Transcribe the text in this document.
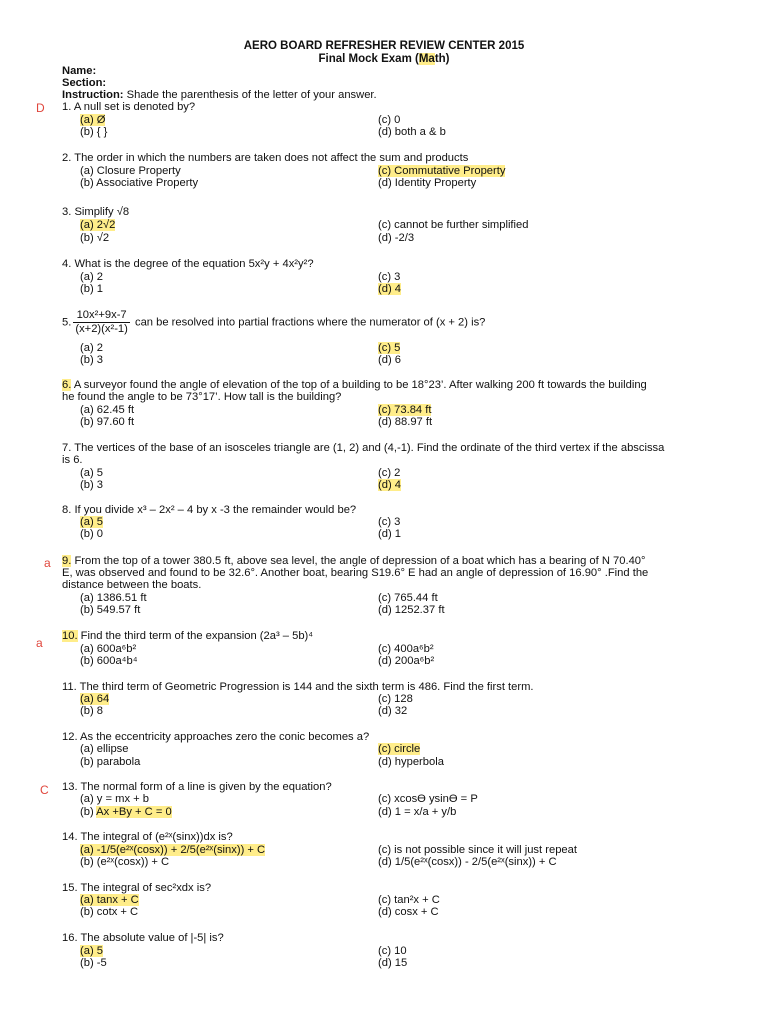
AERO BOARD REFRESHER REVIEW CENTER 2015
Final Mock Exam (Math)
Name:
Section:
Instruction: Shade the parenthesis of the letter of your answer.
D
a
a
C
1. A null set is denoted by?
(a) Ø
(b) { }
(c) 0
(d) both a & b
2. The order in which the numbers are taken does not affect the sum and products
(a) Closure Property
(b) Associative Property
(c) Commutative Property
(d) Identity Property
3. Simplify √8
(a) 2√2
(b) √2
(c) cannot be further simplified
(d) -2/3
4. What is the degree of the equation 5x²y + 4x²y²?
(a) 2
(b) 1
(c) 3
(d) 4
5. $\frac{\text{10x²+9x-7}}{\text{(x+2)(x²-1)}}$ can be resolved into partial fractions where the numerator of (x + 2) is?
(a) 2
(b) 3
(c) 5
(d) 6
6. A surveyor found the angle of elevation of the top of a building to be 18°23’. After walking 200 ft towards the building
he found the angle to be 73°17’. How tall is the building?
(a) 62.45 ft
(b) 97.60 ft
(c) 73.84 ft
(d) 88.97 ft
7. The vertices of the base of an isosceles triangle are (1, 2) and (4,-1). Find the ordinate of the third vertex if the abscissa
is 6.
(a) 5
(b) 3
(c) 2
(d) 4
8. If you divide x³ – 2x² – 4 by x -3 the remainder would be?
(a) 5
(b) 0
(c) 3
(d) 1
9. From the top of a tower 380.5 ft, above sea level, the angle of depression of a boat which has a bearing of N 70.40°
E, was observed and found to be 32.6°. Another boat, bearing S19.6° E had an angle of depression of 16.90° .Find the
distance between the boats.
(a) 1386.51 ft
(b) 549.57 ft
(c) 765.44 ft
(d) 1252.37 ft
10. Find the third term of the expansion (2a³ – 5b)⁴
(a) 600a⁶b²
(b) 600a⁴b⁴
(c) 400a⁶b²
(d) 200a⁶b²
11. The third term of Geometric Progression is 144 and the sixth term is 486. Find the first term.
(a) 64
(b) 8
(c) 128
(d) 32
12. As the eccentricity approaches zero the conic becomes a?
(a) ellipse
(b) parabola
(c) circle
(d) hyperbola
13. The normal form of a line is given by the equation?
(a) y = mx + b
(b) Ax +By + C = 0
(c) xcosϴ ysinϴ = P
(d) 1 = x/a + y/b
14. The integral of (e²ˣ(sinx))dx is?
(a) -1/5(e²ˣ(cosx)) + 2/5(e²ˣ(sinx)) + C
(b) (e²ˣ(cosx)) + C
(c) is not possible since it will just repeat
(d) 1/5(e²ˣ(cosx)) - 2/5(e²ˣ(sinx)) + C
15. The integral of sec²xdx is?
(a) tanx + C
(b) cotx + C
(c) tan²x + C
(d) cosx + C
16. The absolute value of |-5| is?
(a) 5
(b) -5
(c) 10
(d) 15
